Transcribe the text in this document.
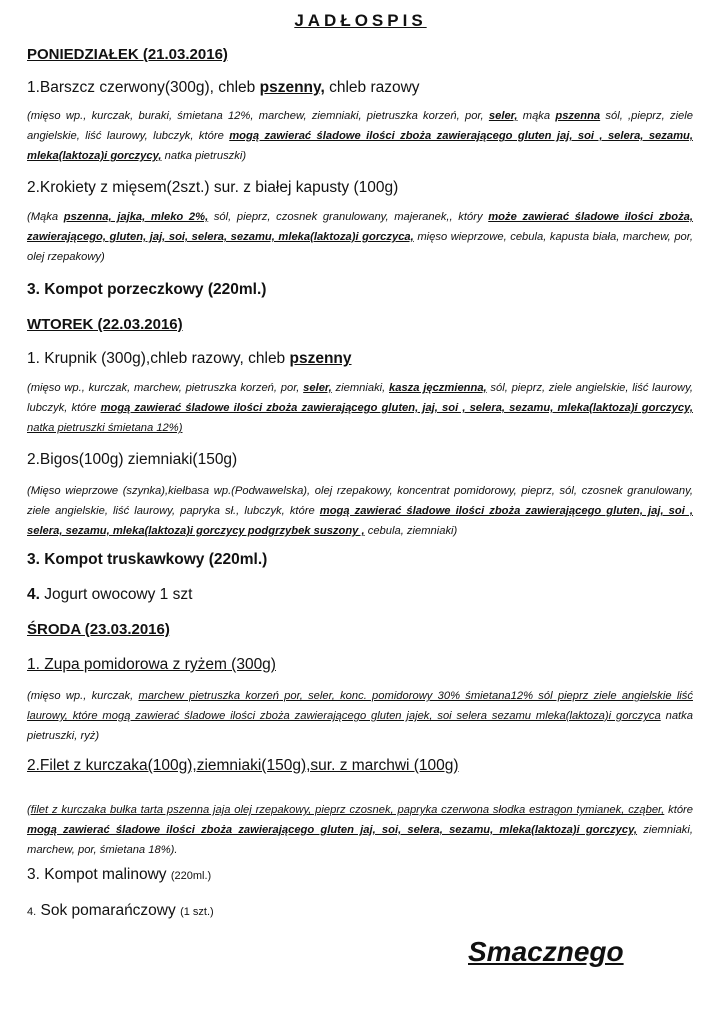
JADŁOSPIS
PONIEDZIAŁEK (21.03.2016)
1.Barszcz czerwony(300g), chleb pszenny, chleb razowy
(mięso wp., kurczak, buraki, śmietana 12%, marchew, ziemniaki, pietruszka korzeń, por, seler, mąka pszenna sól, ,pieprz, ziele angielskie, liść laurowy, lubczyk, które mogą zawierać śladowe ilości zboża zawierającego gluten jaj, soi , selera, sezamu, mleka(laktoza)i gorczycy, natka pietruszki)
2.Krokiety z mięsem(2szt.) sur. z białej kapusty (100g)
(Mąka pszenna, jajka, mleko 2%, sól, pieprz, czosnek granulowany, majeranek,, który może zawierać śladowe ilości zboża, zawierającego, gluten, jaj, soi, selera, sezamu, mleka(laktoza)i gorczyca, mięso wieprzowe, cebula, kapusta biała, marchew, por, olej rzepakowy)
3. Kompot porzeczkowy (220ml.)
WTOREK (22.03.2016)
1. Krupnik (300g),chleb razowy, chleb pszenny
(mięso wp., kurczak, marchew, pietruszka korzeń, por, seler, ziemniaki, kasza jęczmienna, sól, pieprz, ziele angielskie, liść laurowy, lubczyk, które mogą zawierać śladowe ilości zboża zawierającego gluten, jaj, soi , selera, sezamu, mleka(laktoza)i gorczycy, natka pietruszki śmietana 12%)
2.Bigos(100g) ziemniaki(150g)
(Mięso wieprzowe (szynka),kiełbasa wp.(Podwawelska), olej rzepakowy, koncentrat pomidorowy, pieprz, sól, czosnek granulowany, ziele angielskie, liść laurowy, papryka sł., lubczyk, które mogą zawierać śladowe ilości zboża zawierającego gluten, jaj, soi , selera, sezamu, mleka(laktoza)i gorczycy podgrzybek suszony , cebula, ziemniaki)
3. Kompot truskawkowy (220ml.)
4. Jogurt owocowy 1 szt
ŚRODA (23.03.2016)
1. Zupa pomidorowa z ryżem (300g)
(mięso wp., kurczak, marchew pietruszka korzeń por, seler, konc. pomidorowy 30% śmietana12% sól pieprz ziele angielskie liść laurowy, które mogą zawierać śladowe ilości zboża zawierającego gluten jajek, soi selera sezamu mleka(laktoza)i gorczyca natka pietruszki, ryż)
2.Filet z kurczaka(100g),ziemniaki(150g),sur. z marchwi (100g)
(filet z kurczaka bułka tarta pszenna jaja olej rzepakowy, pieprz czosnek, papryka czerwona słodka estragon tymianek, cząber, które mogą zawierać śladowe ilości zboża zawierającego gluten jaj, soi, selera, sezamu, mleka(laktoza)i gorczycy, ziemniaki, marchew, por, śmietana 18%).
3. Kompot malinowy (220ml.)
4. Sok pomarańczowy (1 szt.)
Smacznego
